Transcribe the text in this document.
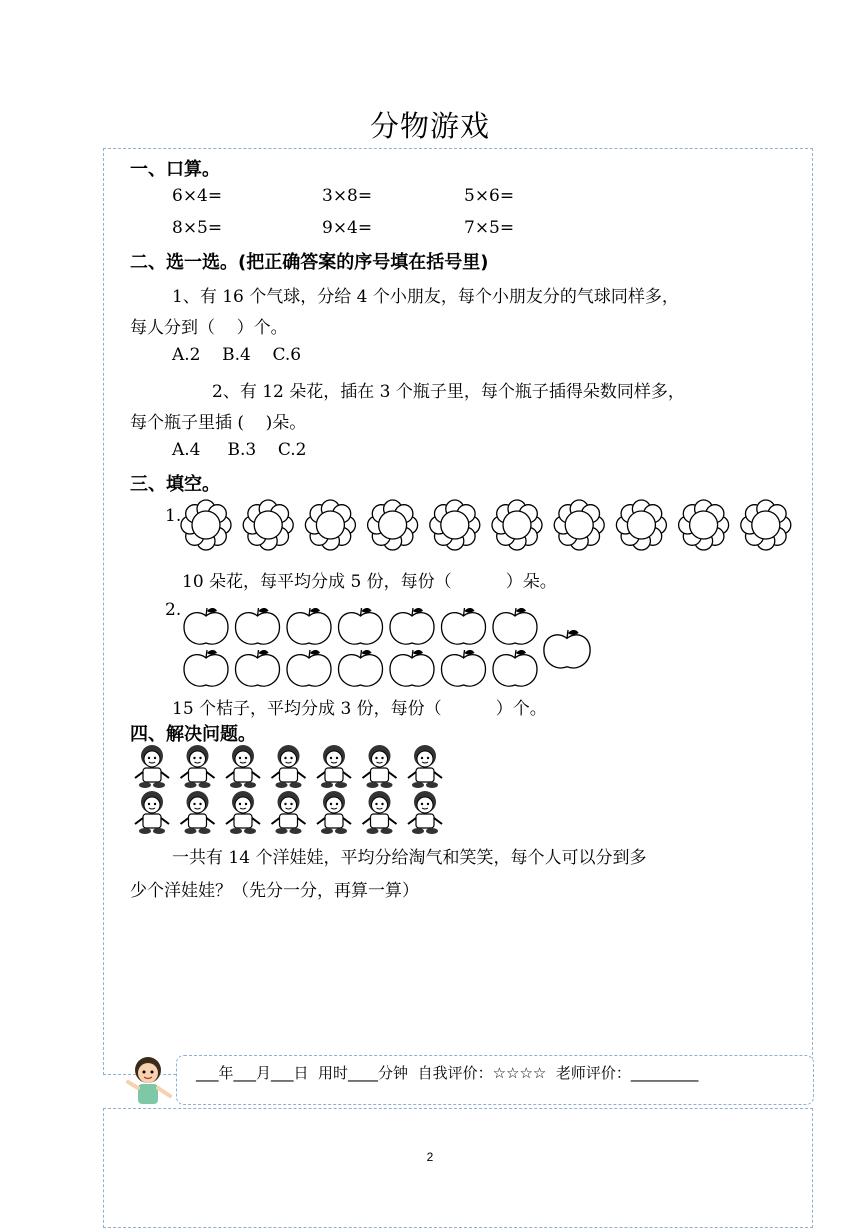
分物游戏
一、口算。
6×4=	3×8=	5×6=
8×5=	9×4=	7×5=
二、选一选。(把正确答案的序号填在括号里)
1、有 16 个气球，分给 4 个小朋友，每个小朋友分的气球同样多，
每人分到（    ）个。
A.2    B.4    C.6
2、有 12 朵花，插在 3 个瓶子里，每个瓶子插得朵数同样多，
每个瓶子里插 (    )朵。
A.4     B.3    C.2
三、填空。
1.
10 朵花，每平均分成 5 份，每份（          ）朵。
2.
15 个桔子，平均分成 3 份，每份（          ）个。
四、解决问题。
一共有 14 个洋娃娃，平均分给淘气和笑笑，每个人可以分到多
少个洋娃娃？（先分一分，再算一算）
___年___月___日  用时____分钟  自我评价：☆☆☆☆  老师评价：_________
2
